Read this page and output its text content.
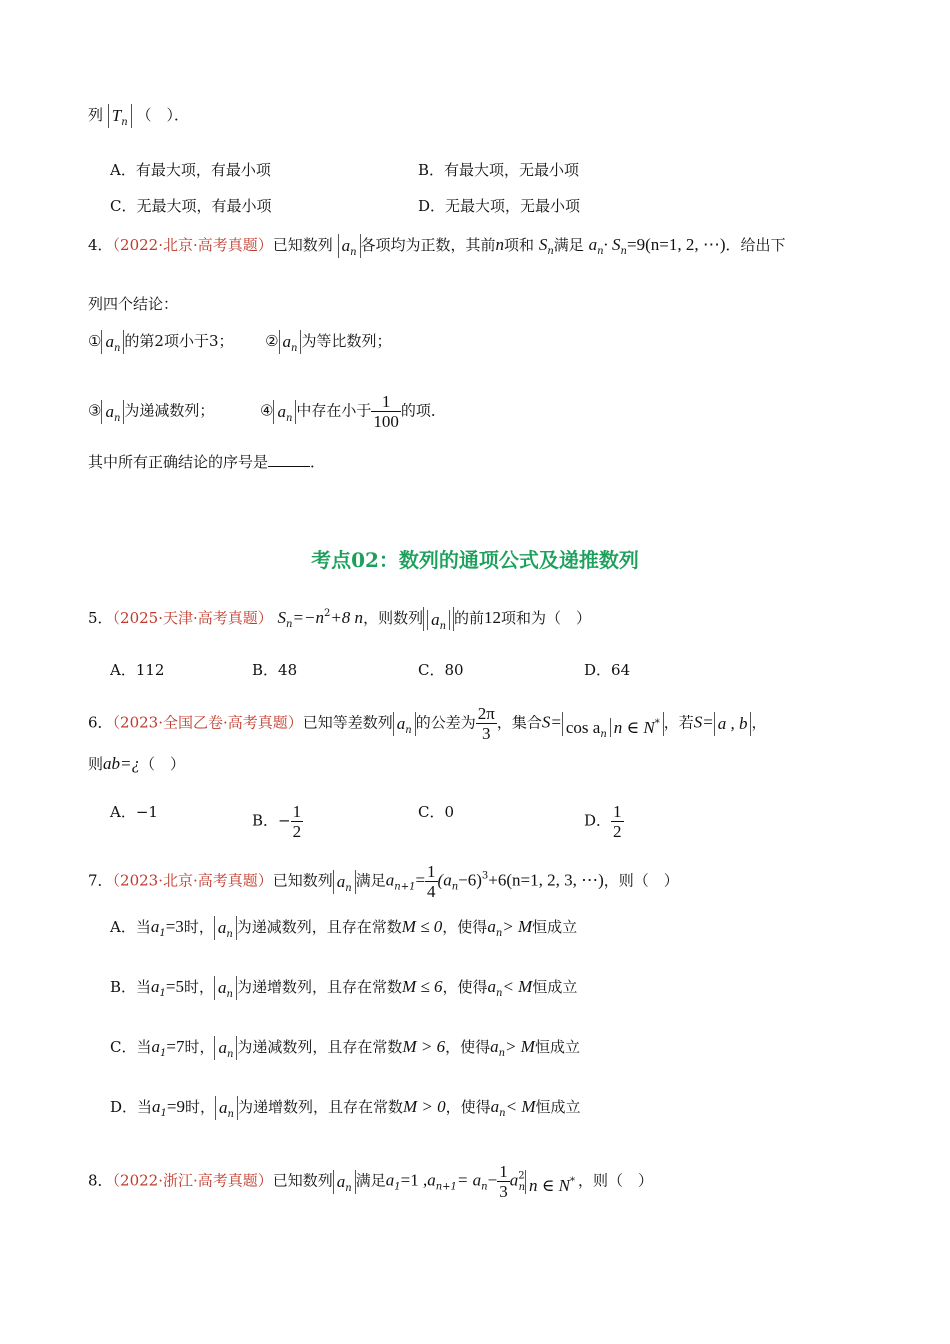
列 $T_n$ （　）．
A．有最大项，有最小项	B．有最大项，无最小项
C．无最大项，有最小项	D．无最大项，无最小项
4．（2022·北京·高考真题）已知数列 $a_n$ 各项均为正数，其前n项和 $S_n$满足 $a_n\cdot S_n=9(n=1$, 2, ⋯)．给出下
列四个结论：
① $a_n$ 的第2项小于3； ② $a_n$ 为等比数列；
③ $a_n$ 为递减数列；	④ $a_n$ 中存在小于 $\frac{1}{100}$ 的项．
其中所有正确结论的序号是	．
考点02：数列的通项公式及递推数列
5．（2025·天津·高考真题） $S_n=-n^2+8$ n，则数列 $a_n$ 的前12项和为（　）
A．112	B．48	C．80	D．64
6．（2023·全国乙卷·高考真题）已知等差数列 $a_n$ 的公差为 $\frac{2\pi}{3}$ ，集合$S= \cos a_n$ n ∈ N* ，若S= a , b ，
则ab=¿（　）
A．−1	B．− $\frac{1}{2}$	C．0	D． $\frac{1}{2}$
7．（2023·北京·高考真题）已知数列 $a_n$ 满足$a_{n+1}= \frac{1}{4} (a_n-6)^3+6(n=1$, 2, 3, ⋯)，则（　）
A．当$a_1=3$时， $a_n$ 为递减数列，且存在常数M ≤ 0，使得$a_n> M$恒成立
B．当$a_1=5$时， $a_n$ 为递增数列，且存在常数M ≤ 6，使得$a_n< M$恒成立
C．当$a_1=7$时， $a_n$ 为递减数列，且存在常数M > 6，使得$a_n> M$恒成立
D．当$a_1=9$时， $a_n$ 为递增数列，且存在常数M > 0，使得$a_n< M$恒成立
8．（2022·浙江·高考真题）已知数列 $a_n$ 满足$a_1=1$ $,a_{n+1}= a_n- \frac{1}{3} a^2_n$ n ∈ N* ，则（　）
